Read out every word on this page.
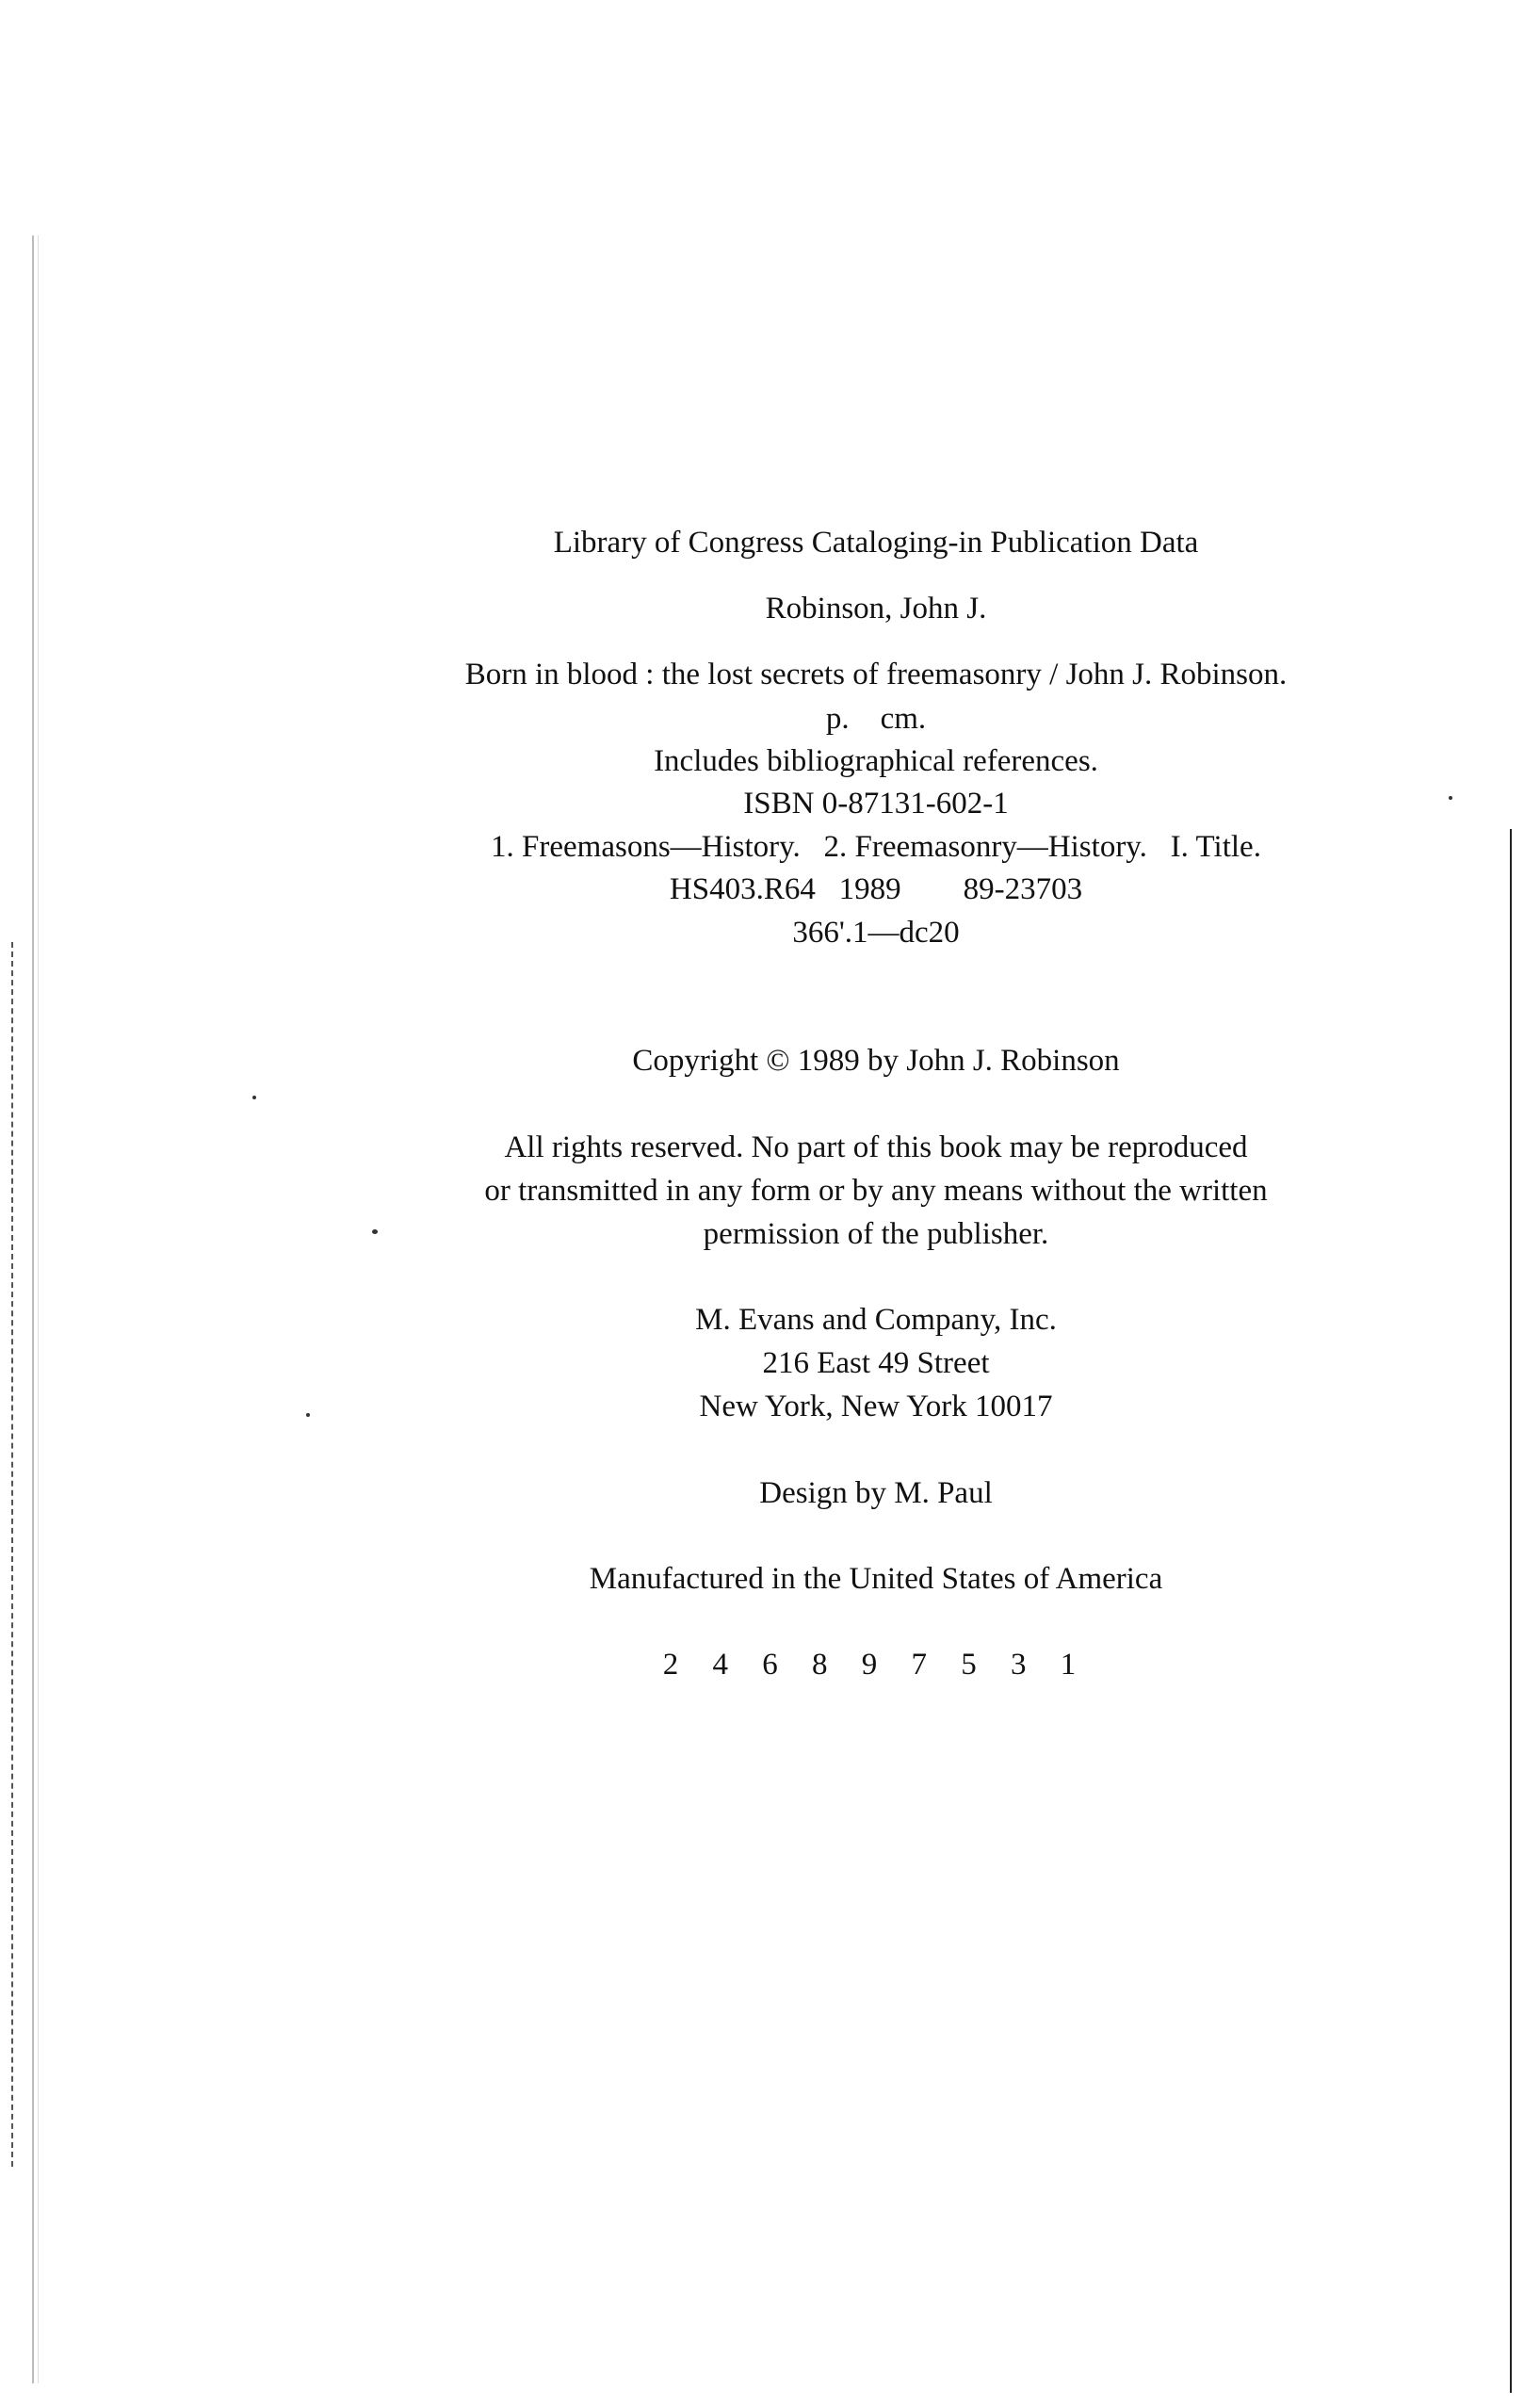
Library of Congress Cataloging-in Publication Data
Robinson, John J.
Born in blood : the lost secrets of freemasonry / John J. Robinson.
p.    cm.
Includes bibliographical references.
ISBN 0-87131-602-1
1. Freemasons—History.   2. Freemasonry—History.   I. Title.
HS403.R64   1989        89-23703
366'.1—dc20
Copyright © 1989 by John J. Robinson
All rights reserved. No part of this book may be reproduced
or transmitted in any form or by any means without the written
permission of the publisher.
M. Evans and Company, Inc.
216 East 49 Street
New York, New York 10017
Design by M. Paul
Manufactured in the United States of America
2 4 6 8 9 7 5 3 1
